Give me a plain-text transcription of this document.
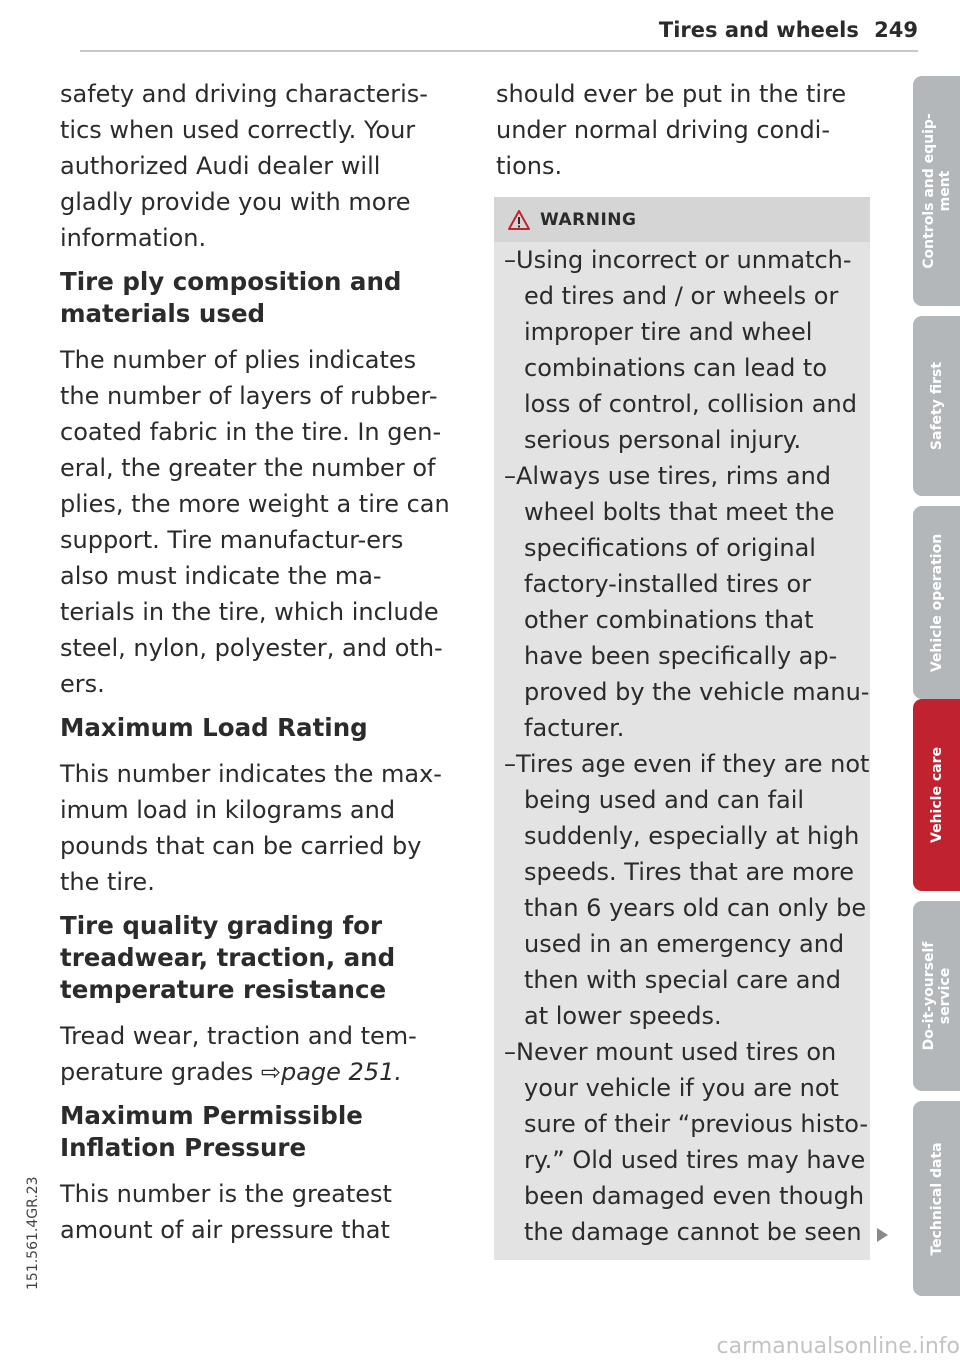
Tires and wheels 249

safety and driving characteris-tics when used correctly. Your authorized Audi dealer will gladly provide you with more information.

Tire ply composition and materials used

The number of plies indicates the number of layers of rubber-coated fabric in the tire. In gen-eral, the greater the number of plies, the more weight a tire can support. Tire manufactur-ers also must indicate the ma-terials in the tire, which include steel, nylon, polyester, and oth-ers.

Maximum Load Rating

This number indicates the max-imum load in kilograms and pounds that can be carried by the tire.

Tire quality grading for treadwear, traction, and temperature resistance

Tread wear, traction and tem-perature grades ⇨page 251.

Maximum Permissible Inflation Pressure

This number is the greatest amount of air pressure that

should ever be put in the tire under normal driving condi-tions.

WARNING
–Using incorrect or unmatch-ed tires and / or wheels or improper tire and wheel combinations can lead to loss of control, collision and serious personal injury.
–Always use tires, rims and wheel bolts that meet the specifications of original factory-installed tires or other combinations that have been specifically ap-proved by the vehicle manu-facturer.
–Tires age even if they are not being used and can fail suddenly, especially at high speeds. Tires that are more than 6 years old can only be used in an emergency and then with special care and at lower speeds.
–Never mount used tires on your vehicle if you are not sure of their “previous histo-ry.” Old used tires may have been damaged even though the damage cannot be seen
151.561.4GR.23
Controls and equip- ment
Safety first
Vehicle operation
Vehicle care
Do-it-yourself service
Technical data
carmanualsonline.info
